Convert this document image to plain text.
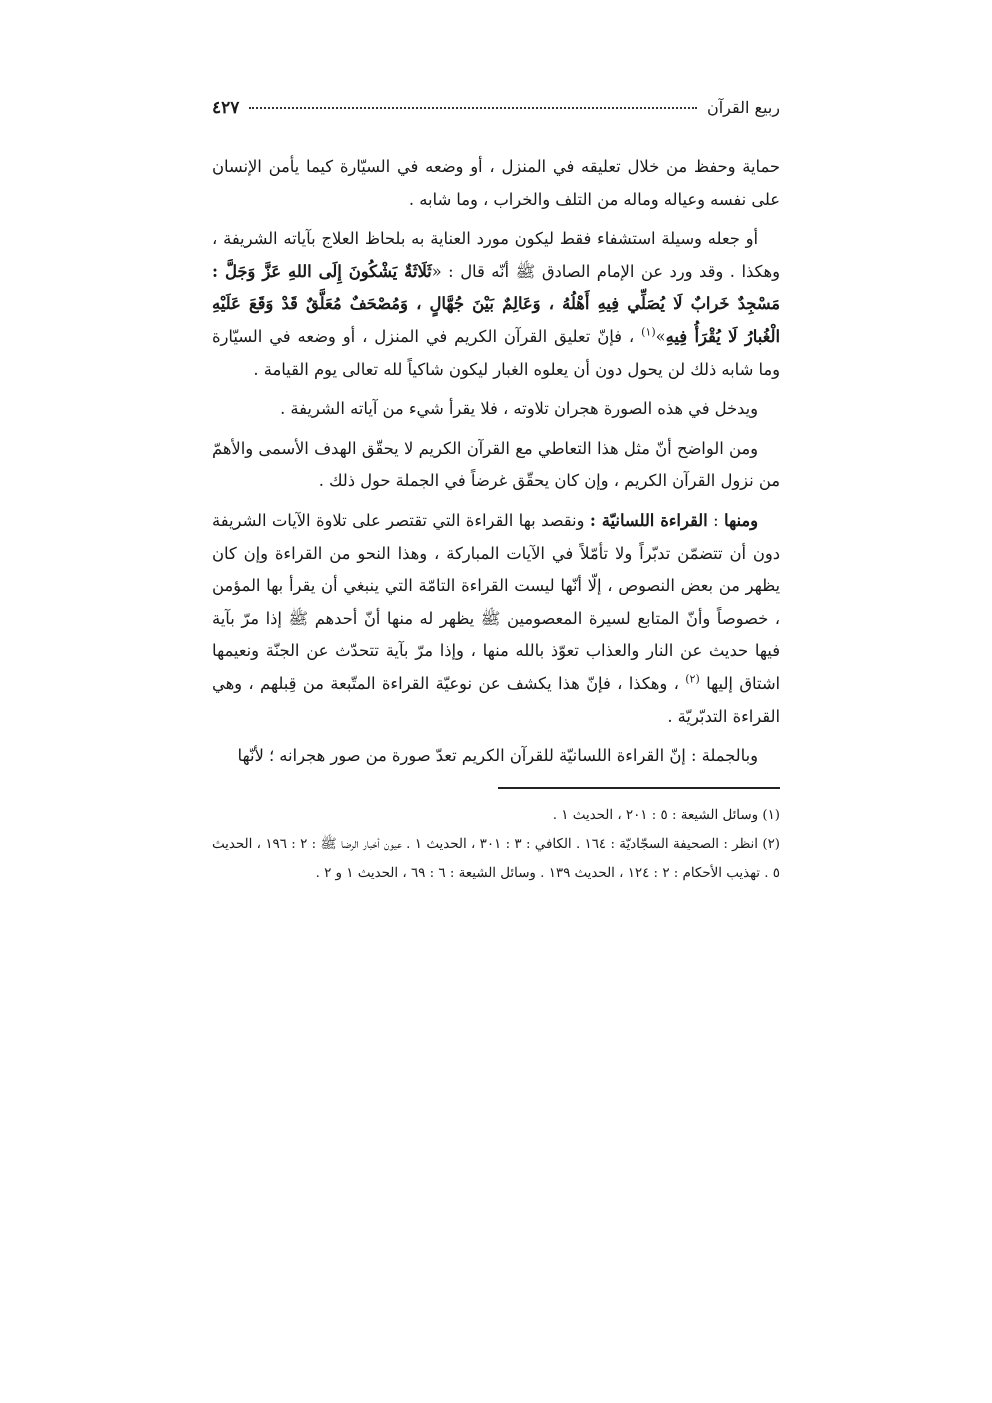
ربيع القرآن
٤٢٧

حماية وحفظ من خلال تعليقه في المنزل ، أو وضعه في السيّارة كيما يأمن الإنسان على نفسه وعياله وماله من التلف والخراب ، وما شابه .

أو جعله وسيلة استشفاء فقط ليكون مورد العناية به بلحاظ العلاج بآياته الشريفة ، وهكذا . وقد ورد عن الإمام الصادق ﷺ أنّه قال : «ثَلَاثَةٌ يَشْكُونَ إِلَى اللهِ عَزَّ وَجَلَّ : مَسْجِدٌ خَرابٌ لَا يُصَلِّي فِيهِ أَهْلُهُ ، وَعَالِمٌ بَيْنَ جُهَّالٍ ، وَمُصْحَفٌ مُعَلَّقٌ قَدْ وَقَعَ عَلَيْهِ الْغُبارُ لَا يُقْرَأُ فِيهِ»$^{(١)}$ ، فإنّ تعليق القرآن الكريم في المنزل ، أو وضعه في السيّارة وما شابه ذلك لن يحول دون أن يعلوه الغبار ليكون شاكياً لله تعالى يوم القيامة .

ويدخل في هذه الصورة هجران تلاوته ، فلا يقرأ شيء من آياته الشريفة .

ومن الواضح أنّ مثل هذا التعاطي مع القرآن الكريم لا يحقّق الهدف الأسمى والأهمّ من نزول القرآن الكريم ، وإن كان يحقّق غرضاً في الجملة حول ذلك .

ومنها : القراءة اللسانيّة : ونقصد بها القراءة التي تقتصر على تلاوة الآيات الشريفة دون أن تتضمّن تدبّراً ولا تأمّلاً في الآيات المباركة ، وهذا النحو من القراءة وإن كان يظهر من بعض النصوص ، إلّا أنّها ليست القراءة التامّة التي ينبغي أن يقرأ بها المؤمن ، خصوصاً وأنّ المتابع لسيرة المعصومين ﷺ يظهر له منها أنّ أحدهم ﷺ إذا مرّ بآية فيها حديث عن النار والعذاب تعوّذ بالله منها ، وإذا مرّ بآية تتحدّث عن الجنّة ونعيمها اشتاق إليها $^{(٢)}$ ، وهكذا ، فإنّ هذا يكشف عن نوعيّة القراءة المتّبعة من قِبلهم ، وهي القراءة التدبّريّة .

وبالجملة : إنّ القراءة اللسانيّة للقرآن الكريم تعدّ صورة من صور هجرانه ؛ لأنّها

(١) وسائل الشيعة : ٥ : ٢٠١ ، الحديث ١ .

(٢) انظر : الصحيفة السجّاديّة : ١٦٤ . الكافي : ٣ : ٣٠١ ، الحديث ١ . عيون أخبار الرضا ﷺ : ٢ : ١٩٦ ، الحديث ٥ . تهذيب الأحكام : ٢ : ١٢٤ ، الحديث ١٣٩ . وسائل الشيعة : ٦ : ٦٩ ، الحديث ١ و ٢ .
